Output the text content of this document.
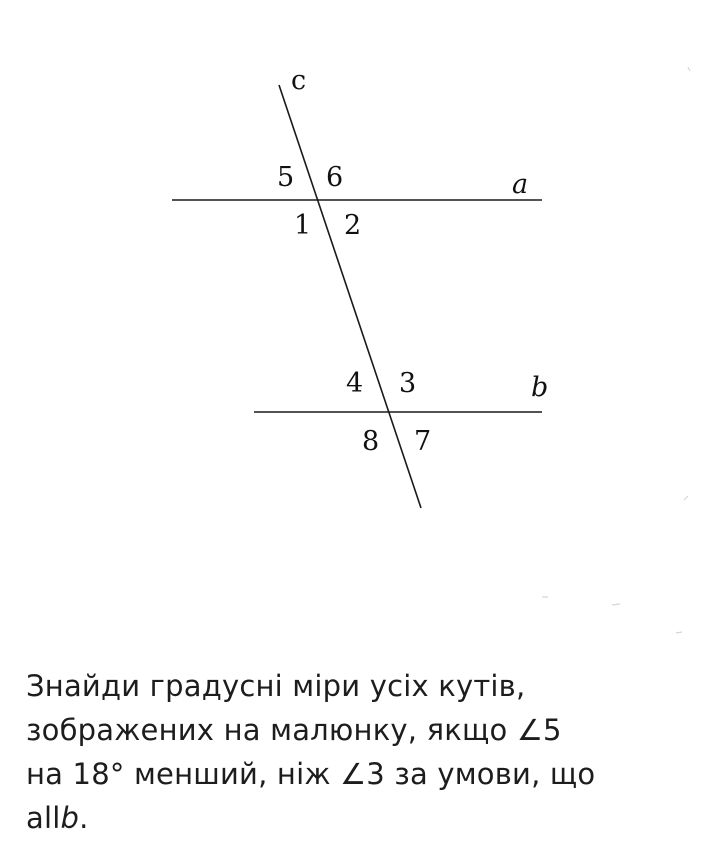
c
a
b
5 6
1 2
4 3
8 7

Знайди градусні міри усіх кутів,
зображених на малюнку, якщо ∠5
на 18° менший, ніж ∠3 за умови, що
allb.
